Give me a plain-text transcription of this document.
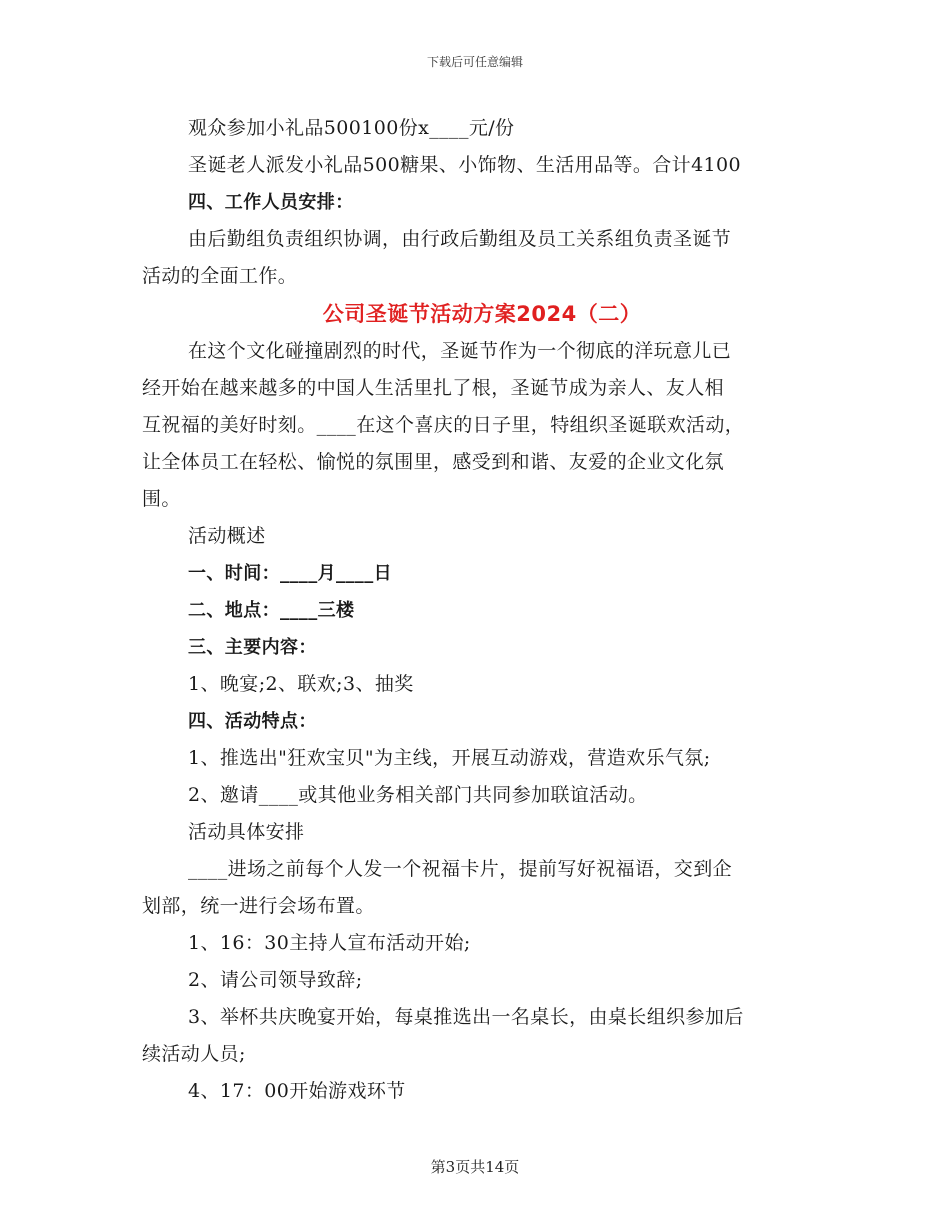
下载后可任意编辑
观众参加小礼品500100份x____元/份
圣诞老人派发小礼品500糖果、小饰物、生活用品等。合计4100
四、工作人员安排：
由后勤组负责组织协调，由行政后勤组及员工关系组负责圣诞节
活动的全面工作。
公司圣诞节活动方案2024（二）
在这个文化碰撞剧烈的时代，圣诞节作为一个彻底的洋玩意儿已
经开始在越来越多的中国人生活里扎了根，圣诞节成为亲人、友人相
互祝福的美好时刻。____在这个喜庆的日子里，特组织圣诞联欢活动，
让全体员工在轻松、愉悦的氛围里，感受到和谐、友爱的企业文化氛
围。
活动概述
一、时间：____月____日
二、地点：____三楼
三、主要内容：
1、晚宴;2、联欢;3、抽奖
四、活动特点：
1、推选出"狂欢宝贝"为主线，开展互动游戏，营造欢乐气氛;
2、邀请____或其他业务相关部门共同参加联谊活动。
活动具体安排
____进场之前每个人发一个祝福卡片，提前写好祝福语，交到企
划部，统一进行会场布置。
1、16：30主持人宣布活动开始;
2、请公司领导致辞;
3、举杯共庆晚宴开始，每桌推选出一名桌长，由桌长组织参加后
续活动人员;
4、17：00开始游戏环节
第3页共14页
